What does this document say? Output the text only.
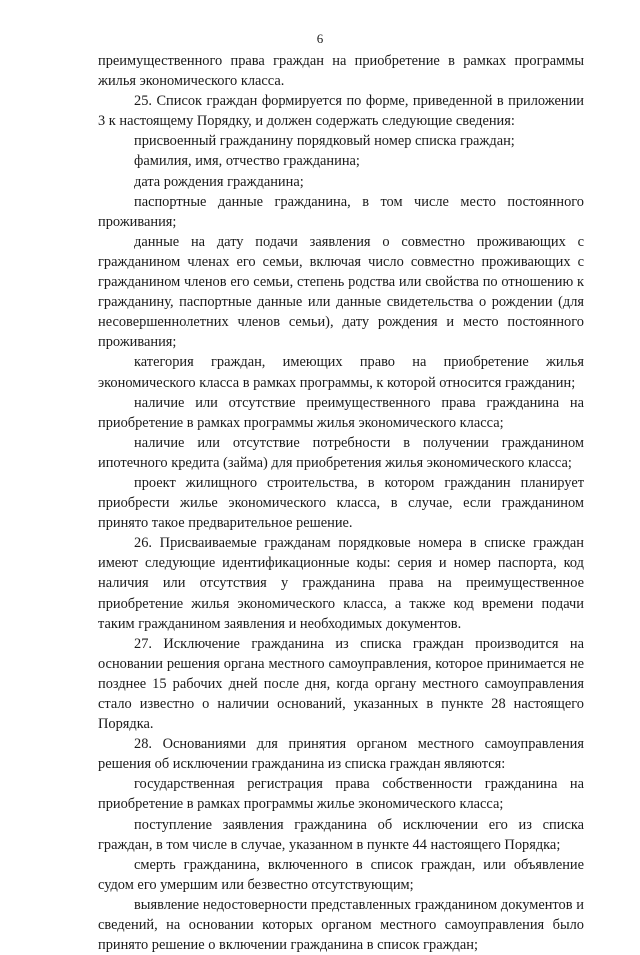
6

преимущественного права граждан на приобретение в рамках программы жилья экономического класса.

25. Список граждан формируется по форме, приведенной в приложении 3 к настоящему Порядку, и должен содержать следующие сведения:

присвоенный гражданину порядковый номер списка граждан;

фамилия, имя, отчество гражданина;

дата рождения гражданина;

паспортные данные гражданина, в том числе место постоянного проживания;

данные на дату подачи заявления о совместно проживающих с гражданином членах его семьи, включая число совместно проживающих с гражданином членов его семьи, степень родства или свойства по отношению к гражданину, паспортные данные или данные свидетельства о рождении (для несовершеннолетних членов семьи), дату рождения и место постоянного проживания;

категория граждан, имеющих право на приобретение жилья экономического класса в рамках программы, к которой относится гражданин;

наличие или отсутствие преимущественного права гражданина на приобретение в рамках программы жилья экономического класса;

наличие или отсутствие потребности в получении гражданином ипотечного кредита (займа) для приобретения жилья экономического класса;

проект жилищного строительства, в котором гражданин планирует приобрести жилье экономического класса, в случае, если гражданином принято такое предварительное решение.

26. Присваиваемые гражданам порядковые номера в списке граждан имеют следующие идентификационные коды: серия и номер паспорта, код наличия или отсутствия у гражданина права на преимущественное приобретение жилья экономического класса, а также код времени подачи таким гражданином заявления и необходимых документов.

27. Исключение гражданина из списка граждан производится на основании решения органа местного самоуправления, которое принимается не позднее 15 рабочих дней после дня, когда органу местного самоуправления стало известно о наличии оснований, указанных в пункте 28 настоящего Порядка.

28. Основаниями для принятия органом местного самоуправления решения об исключении гражданина из списка граждан являются:

государственная регистрация права собственности гражданина на приобретение в рамках программы жилье экономического класса;

поступление заявления гражданина об исключении его из списка граждан, в том числе в случае, указанном в пункте 44 настоящего Порядка;

смерть гражданина, включенного в список граждан, или объявление судом его умершим или безвестно отсутствующим;

выявление недостоверности представленных гражданином документов и сведений, на основании которых органом местного самоуправления было принято решение о включении гражданина в список граждан;
